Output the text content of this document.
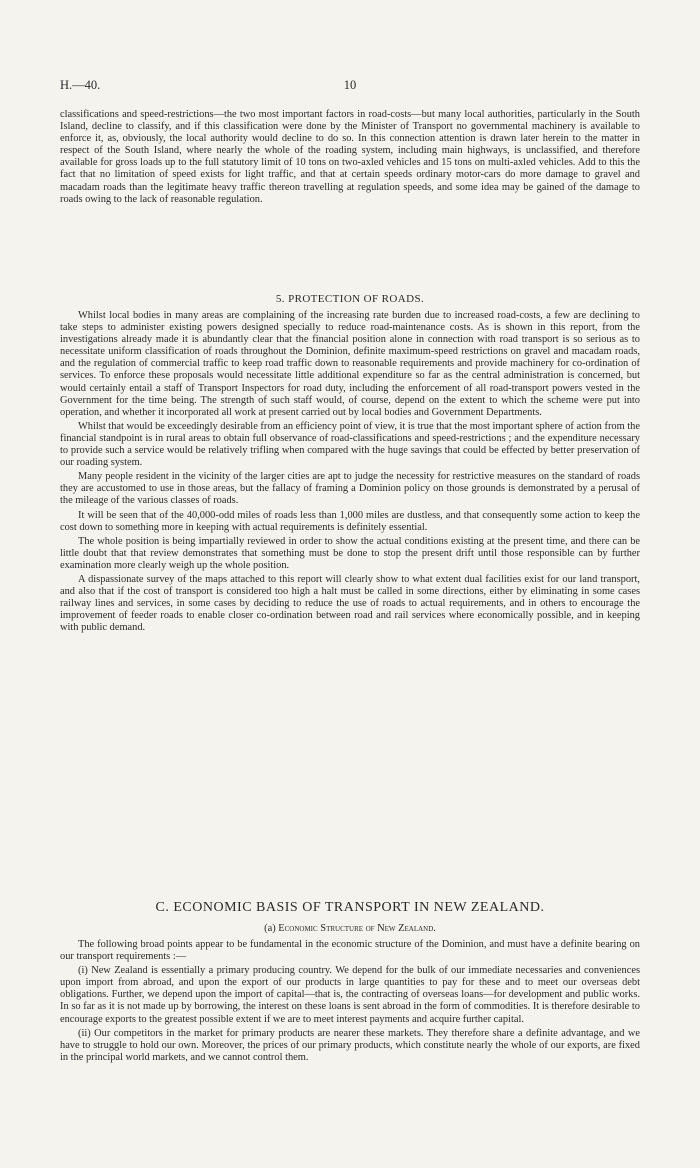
H.—40.	10

classifications and speed-restrictions—the two most important factors in road-costs—but many local authorities, particularly in the South Island, decline to classify, and if this classification were done by the Minister of Transport no governmental machinery is available to enforce it, as, obviously, the local authority would decline to do so. In this connection attention is drawn later herein to the matter in respect of the South Island, where nearly the whole of the roading system, including main highways, is unclassified, and therefore available for gross loads up to the full statutory limit of 10 tons on two-axled vehicles and 15 tons on multi-axled vehicles. Add to this the fact that no limitation of speed exists for light traffic, and that at certain speeds ordinary motor-cars do more damage to gravel and macadam roads than the legitimate heavy traffic thereon travelling at regulation speeds, and some idea may be gained of the damage to roads owing to the lack of reasonable regulation.

5. PROTECTION OF ROADS.

Whilst local bodies in many areas are complaining of the increasing rate burden due to increased road-costs, a few are declining to take steps to administer existing powers designed specially to reduce road-maintenance costs. As is shown in this report, from the investigations already made it is abundantly clear that the financial position alone in connection with road transport is so serious as to necessitate uniform classification of roads throughout the Dominion, definite maximum-speed restrictions on gravel and macadam roads, and the regulation of commercial traffic to keep road traffic down to reasonable requirements and provide machinery for co-ordination of services. To enforce these proposals would necessitate little additional expenditure so far as the central administration is concerned, but would certainly entail a staff of Transport Inspectors for road duty, including the enforcement of all road-transport powers vested in the Government for the time being. The strength of such staff would, of course, depend on the extent to which the scheme were put into operation, and whether it incorporated all work at present carried out by local bodies and Government Departments.

Whilst that would be exceedingly desirable from an efficiency point of view, it is true that the most important sphere of action from the financial standpoint is in rural areas to obtain full observance of road-classifications and speed-restrictions ; and the expenditure necessary to provide such a service would be relatively trifling when compared with the huge savings that could be effected by better preservation of our roading system.

Many people resident in the vicinity of the larger cities are apt to judge the necessity for restrictive measures on the standard of roads they are accustomed to use in those areas, but the fallacy of framing a Dominion policy on those grounds is demonstrated by a perusal of the mileage of the various classes of roads.

It will be seen that of the 40,000-odd miles of roads less than 1,000 miles are dustless, and that consequently some action to keep the cost down to something more in keeping with actual requirements is definitely essential.

The whole position is being impartially reviewed in order to show the actual conditions existing at the present time, and there can be little doubt that that review demonstrates that something must be done to stop the present drift until those responsible can by further examination more clearly weigh up the whole position.

A dispassionate survey of the maps attached to this report will clearly show to what extent dual facilities exist for our land transport, and also that if the cost of transport is considered too high a halt must be called in some directions, either by eliminating in some cases railway lines and services, in some cases by deciding to reduce the use of roads to actual requirements, and in others to encourage the improvement of feeder roads to enable closer co-ordination between road and rail services where economically possible, and in keeping with public demand.

C. ECONOMIC BASIS OF TRANSPORT IN NEW ZEALAND.
(a) Economic Structure of New Zealand.

The following broad points appear to be fundamental in the economic structure of the Dominion, and must have a definite bearing on our transport requirements :—

(i) New Zealand is essentially a primary producing country. We depend for the bulk of our immediate necessaries and conveniences upon import from abroad, and upon the export of our products in large quantities to pay for these and to meet our overseas debt obligations. Further, we depend upon the import of capital—that is, the contracting of overseas loans—for development and public works. In so far as it is not made up by borrowing, the interest on these loans is sent abroad in the form of commodities. It is therefore desirable to encourage exports to the greatest possible extent if we are to meet interest payments and acquire further capital.

(ii) Our competitors in the market for primary products are nearer these markets. They therefore share a definite advantage, and we have to struggle to hold our own. Moreover, the prices of our primary products, which constitute nearly the whole of our exports, are fixed in the principal world markets, and we cannot control them.
